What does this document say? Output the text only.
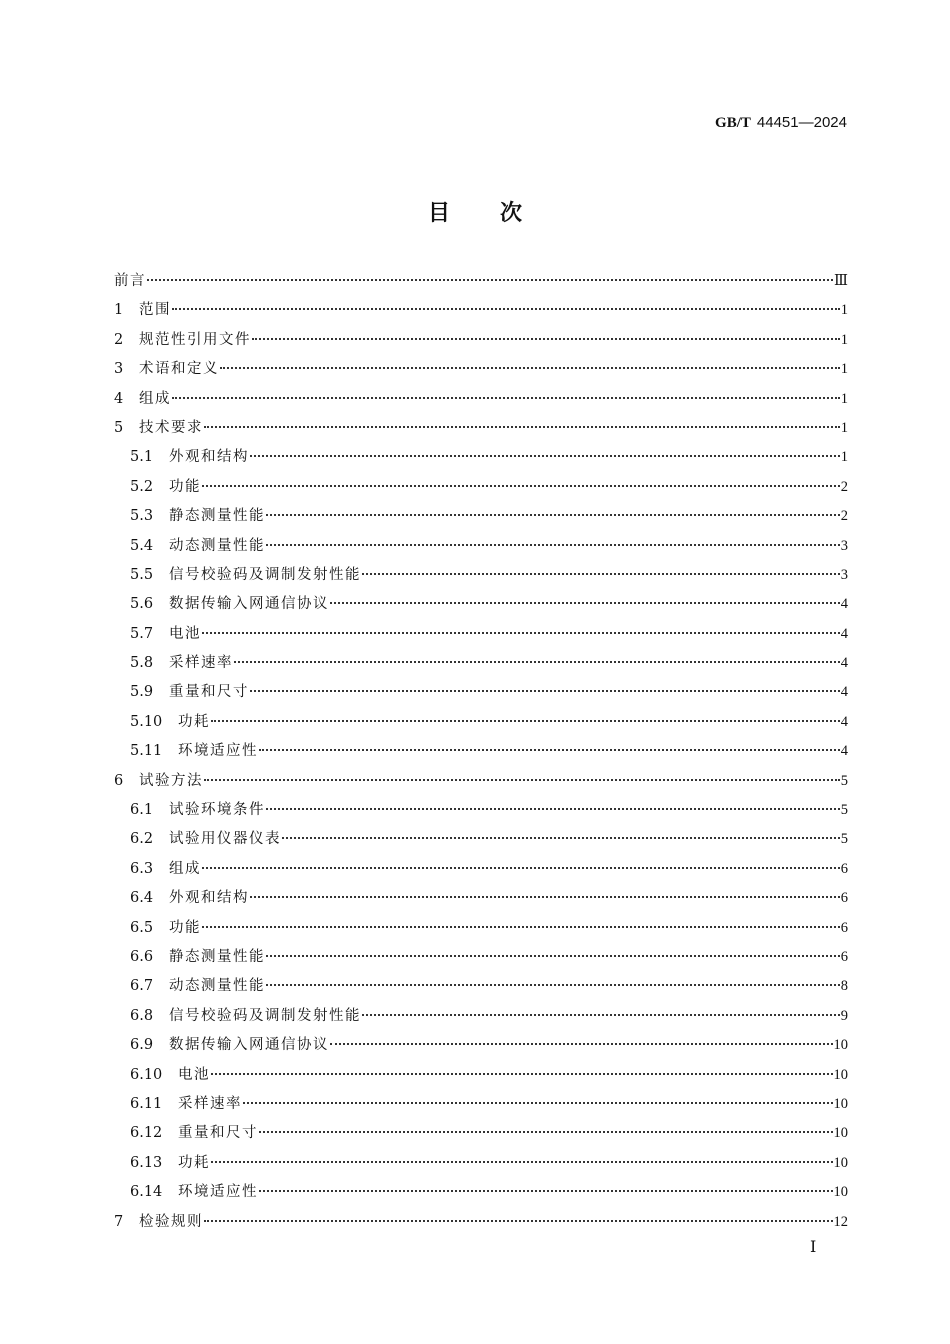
GB/T 44451—2024
目次
前言	Ⅲ
1	范围	1
2	规范性引用文件	1
3	术语和定义	1
4	组成	1
5	技术要求	1
5.1	外观和结构	1
5.2	功能	2
5.3	静态测量性能	2
5.4	动态测量性能	3
5.5	信号校验码及调制发射性能	3
5.6	数据传输入网通信协议	4
5.7	电池	4
5.8	采样速率	4
5.9	重量和尺寸	4
5.10	功耗	4
5.11	环境适应性	4
6	试验方法	5
6.1	试验环境条件	5
6.2	试验用仪器仪表	5
6.3	组成	6
6.4	外观和结构	6
6.5	功能	6
6.6	静态测量性能	6
6.7	动态测量性能	8
6.8	信号校验码及调制发射性能	9
6.9	数据传输入网通信协议	10
6.10	电池	10
6.11	采样速率	10
6.12	重量和尺寸	10
6.13	功耗	10
6.14	环境适应性	10
7	检验规则	12
Ⅰ
